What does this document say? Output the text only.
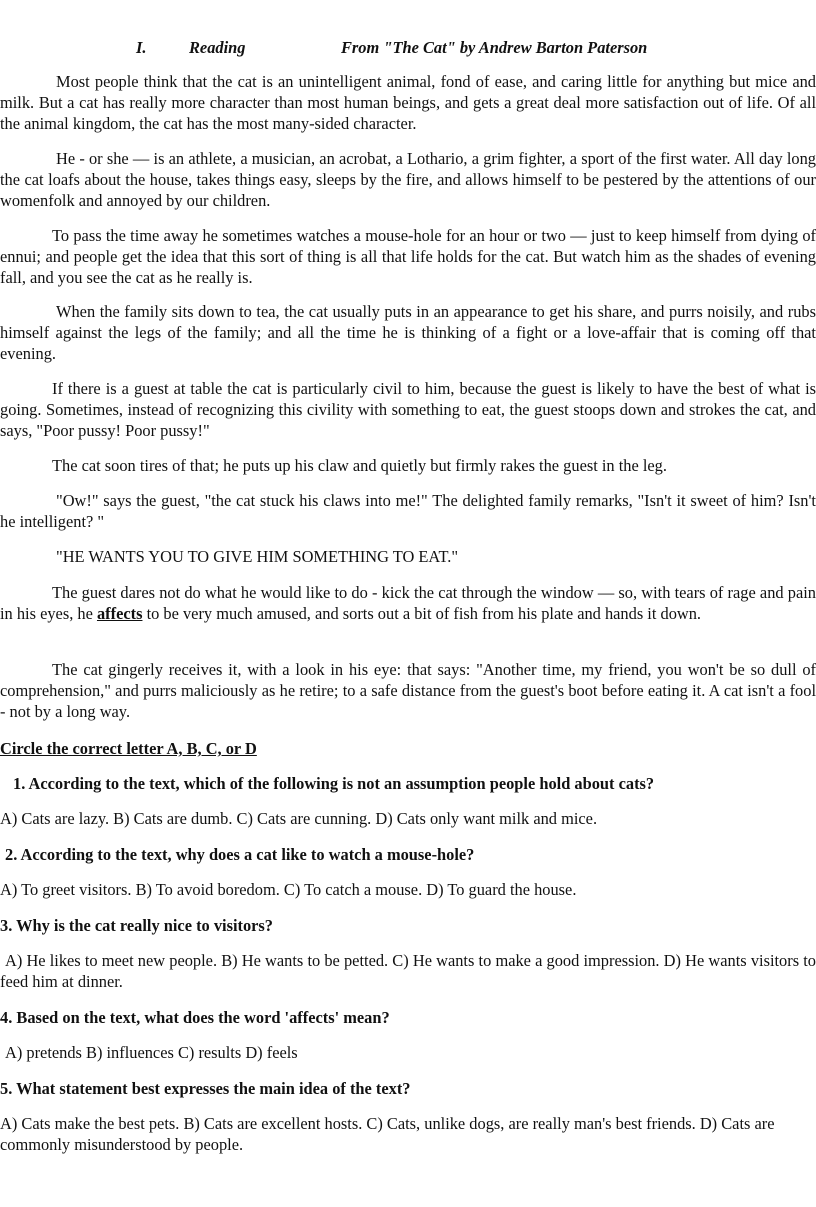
I.	Reading	From "The Cat" by Andrew Barton Paterson

Most people think that the cat is an unintelligent animal, fond of ease, and caring little for anything but mice and milk. But a cat has really more character than most human beings, and gets a great deal more satisfaction out of life. Of all the animal kingdom, the cat has the most many-sided character.

He - or she — is an athlete, a musician, an acrobat, a Lothario, a grim fighter, a sport of the first water. All day long the cat loafs about the house, takes things easy, sleeps by the fire, and allows himself to be pestered by the attentions of our womenfolk and annoyed by our children.

To pass the time away he sometimes watches a mouse-hole for an hour or two — just to keep himself from dying of ennui; and people get the idea that this sort of thing is all that life holds for the cat. But watch him as the shades of evening fall, and you see the cat as he really is.

When the family sits down to tea, the cat usually puts in an appearance to get his share, and purrs noisily, and rubs himself against the legs of the family; and all the time he is thinking of a fight or a love-affair that is coming off that evening.

If there is a guest at table the cat is particularly civil to him, because the guest is likely to have the best of what is going. Sometimes, instead of recognizing this civility with something to eat, the guest stoops down and strokes the cat, and says, "Poor pussy! Poor pussy!"

The cat soon tires of that; he puts up his claw and quietly but firmly rakes the guest in the leg.

"Ow!" says the guest, "the cat stuck his claws into me!" The delighted family remarks, "Isn't it sweet of him? Isn't he intelligent? "

"HE WANTS YOU TO GIVE HIM SOMETHING TO EAT."

The guest dares not do what he would like to do - kick the cat through the window — so, with tears of rage and pain in his eyes, he affects to be very much amused, and sorts out a bit of fish from his plate and hands it down.

The cat gingerly receives it, with a look in his eye: that says: "Another time, my friend, you won't be so dull of comprehension," and purrs maliciously as he retire; to a safe distance from the guest's boot before eating it. A cat isn't a fool - not by a long way.

Circle the correct letter A, B, C, or D
1. According to the text, which of the following is not an assumption people hold about cats?
A) Cats are lazy. B) Cats are dumb. C) Cats are cunning. D) Cats only want milk and mice.
2. According to the text, why does a cat like to watch a mouse-hole?
A) To greet visitors. B) To avoid boredom. C) To catch a mouse. D) To guard the house.
3. Why is the cat really nice to visitors?
A) He likes to meet new people. B) He wants to be petted. C) He wants to make a good impression. D) He wants visitors to feed him at dinner.
4. Based on the text, what does the word 'affects' mean?
A) pretends B) influences C) results D) feels
5. What statement best expresses the main idea of the text?
A) Cats make the best pets. B) Cats are excellent hosts. C) Cats, unlike dogs, are really man's best friends. D) Cats are commonly misunderstood by people.
